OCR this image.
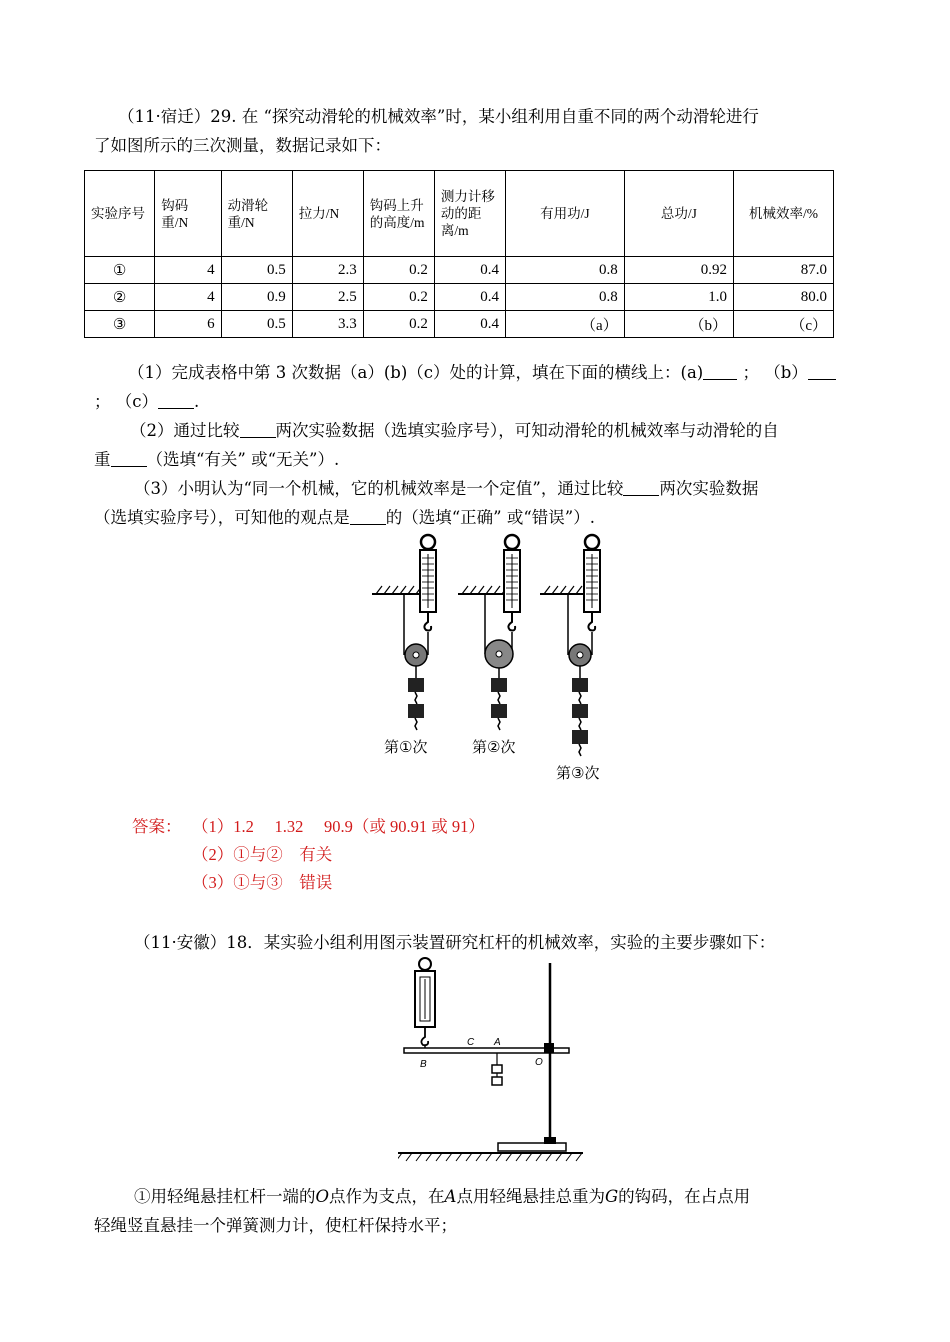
（11·宿迁）29. 在 “探究动滑轮的机械效率”时，某小组利用自重不同的两个动滑轮进行
了如图所示的三次测量，数据记录如下：
实验序号	钩码重/N	动滑轮重/N	拉力/N	钩码上升的高度/m	测力计移动的距离/m	有用功/J	总功/J	机械效率/%
①	4	0.5	2.3	0.2	0.4	0.8	0.92	87.0
②	4	0.9	2.5	0.2	0.4	0.8	1.0	80.0
③	6	0.5	3.3	0.2	0.4	（a）	（b）	（c）
（1）完成表格中第 3 次数据（a）(b)（c）处的计算，填在下面的横线上：(a) ； （b）
； （c） .
（2）通过比较 两次实验数据（选填实验序号），可知动滑轮的机械效率与动滑轮的自
重 （选填“有关” 或“无关”）.
（3）小明认为“同一个机械，它的机械效率是一个定值”，通过比较 两次实验数据
（选填实验序号），可知他的观点是 的（选填“正确” 或“错误”）.
第①次	第②次
第③次
答案： （1）1.2　 1.32　 90.9（或 90.91 或 91）
（2）①与②　有关
（3）①与③　错误
（11·安徽）18．某实验小组利用图示装置研究杠杆的机械效率，实验的主要步骤如下：
B
C A
O
①用轻绳悬挂杠杆一端的O点作为支点，在A点用轻绳悬挂总重为G的钩码，在占点用
轻绳竖直悬挂一个弹簧测力计，使杠杆保持水平；
